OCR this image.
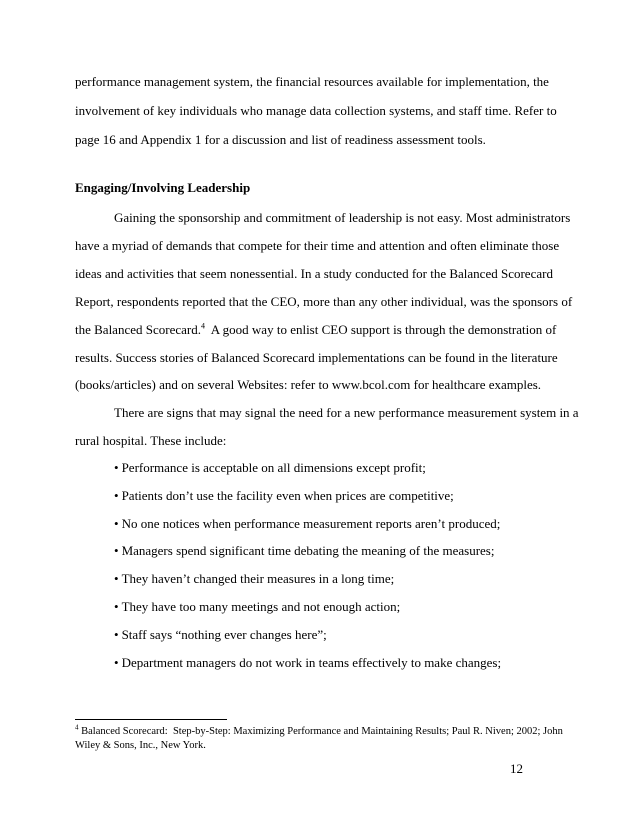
performance management system, the financial resources available for implementation, the
involvement of key individuals who manage data collection systems, and staff time. Refer to
page 16 and Appendix 1 for a discussion and list of readiness assessment tools.
Engaging/Involving Leadership
Gaining the sponsorship and commitment of leadership is not easy. Most administrators
have a myriad of demands that compete for their time and attention and often eliminate those
ideas and activities that seem nonessential. In a study conducted for the Balanced Scorecard
Report, respondents reported that the CEO, more than any other individual, was the sponsors of
the Balanced Scorecard.$^4$  A good way to enlist CEO support is through the demonstration of
results. Success stories of Balanced Scorecard implementations can be found in the literature
(books/articles) and on several Websites: refer to www.bcol.com for healthcare examples.
There are signs that may signal the need for a new performance measurement system in a
rural hospital. These include:
• Performance is acceptable on all dimensions except profit;
• Patients don’t use the facility even when prices are competitive;
• No one notices when performance measurement reports aren’t produced;
• Managers spend significant time debating the meaning of the measures;
• They haven’t changed their measures in a long time;
• They have too many meetings and not enough action;
• Staff says “nothing ever changes here”;
• Department managers do not work in teams effectively to make changes;
$^4$ Balanced Scorecard:  Step-by-Step: Maximizing Performance and Maintaining Results; Paul R. Niven; 2002; John
Wiley & Sons, Inc., New York.
12
